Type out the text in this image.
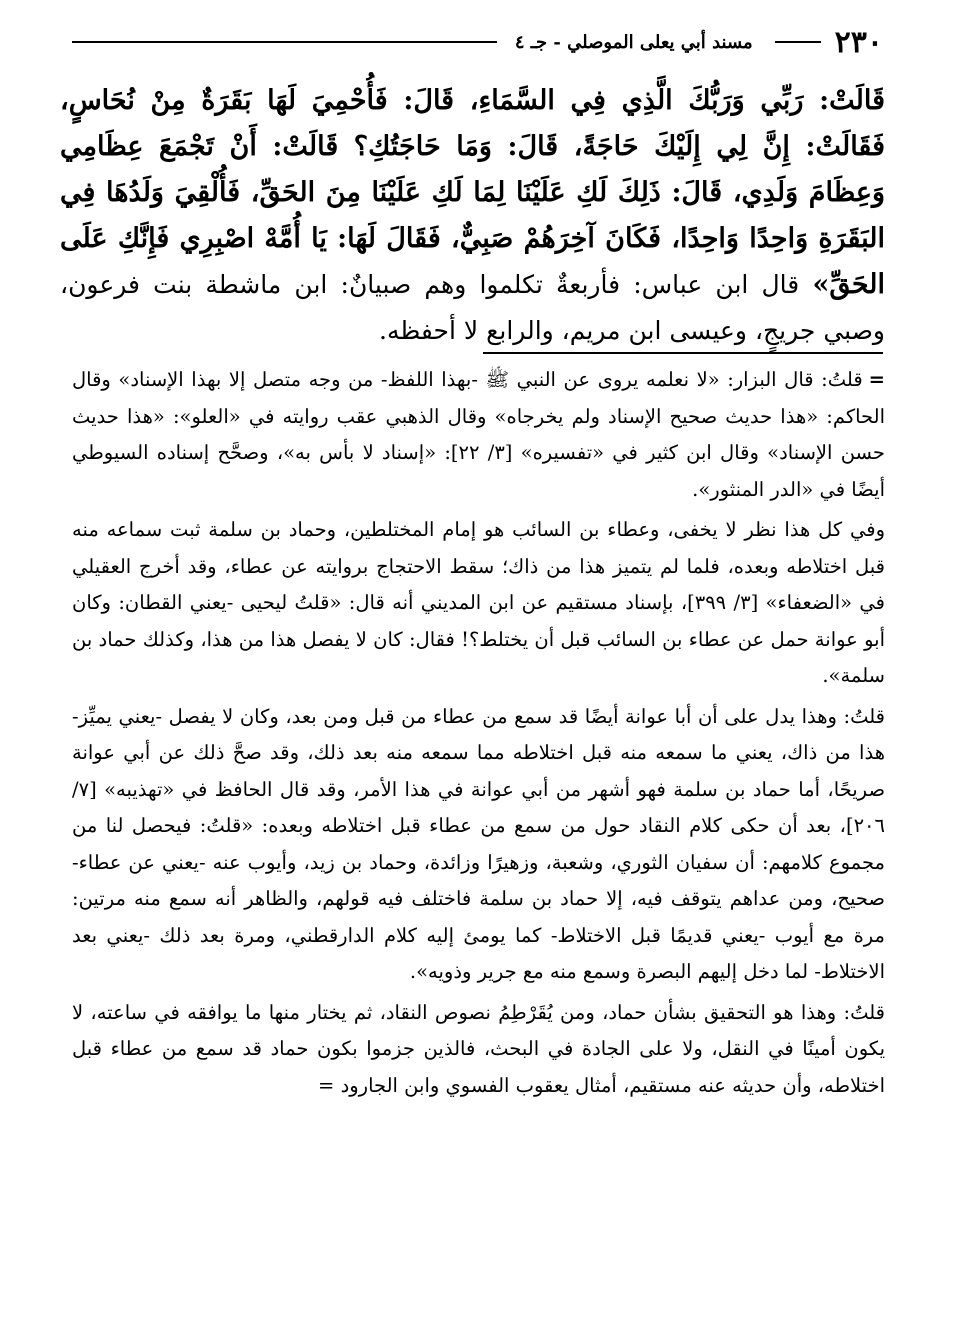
٢٣٠
مسند أبي يعلى الموصلي - جـ ٤

قَالَتْ: رَبِّي وَرَبُّكَ الَّذِي فِي السَّمَاءِ، قَالَ: فَأُحْمِيَ لَهَا بَقَرَةٌ مِنْ نُحَاسٍ، فَقَالَتْ: إِنَّ لِي إِلَيْكَ حَاجَةً، قَالَ: وَمَا حَاجَتُكِ؟ قَالَتْ: أَنْ تَجْمَعَ عِظَامِي وَعِظَامَ وَلَدِي، قَالَ: ذَلِكَ لَكِ عَلَيْنَا لِمَا لَكِ عَلَيْنَا مِنَ الحَقِّ، فَأُلْقِيَ وَلَدُهَا فِي البَقَرَةِ وَاحِدًا وَاحِدًا، فَكَانَ آخِرَهُمْ صَبِيٌّ، فَقَالَ لَهَا: يَا أُمَّهْ اصْبِرِي فَإِنَّكِ عَلَى الحَقِّ» قال ابن عباس: فأربعةٌ تكلموا وهم صبيانٌ: ابن ماشطة بنت فرعون، وصبي جريجٍ، وعيسى ابن مريم، والرابع لا أحفظه.

=قلتُ: قال البزار: «لا نعلمه يروى عن النبي ﷺ -بهذا اللفظ- من وجه متصل إلا بهذا الإسناد» وقال الحاكم: «هذا حديث صحيح الإسناد ولم يخرجاه» وقال الذهبي عقب روايته في «العلو»: «هذا حديث حسن الإسناد» وقال ابن كثير في «تفسيره» [٣/ ٢٢]: «إسناد لا بأس به»، وصحَّح إسناده السيوطي أيضًا في «الدر المنثور».

وفي كل هذا نظر لا يخفى، وعطاء بن السائب هو إمام المختلطين، وحماد بن سلمة ثبت سماعه منه قبل اختلاطه وبعده، فلما لم يتميز هذا من ذاك؛ سقط الاحتجاج بروايته عن عطاء، وقد أخرج العقيلي في «الضعفاء» [٣/ ٣٩٩]، بإسناد مستقيم عن ابن المديني أنه قال: «قلتُ ليحيى -يعني القطان: وكان أبو عوانة حمل عن عطاء بن السائب قبل أن يختلط؟! فقال: كان لا يفصل هذا من هذا، وكذلك حماد بن سلمة».

قلتُ: وهذا يدل على أن أبا عوانة أيضًا قد سمع من عطاء من قبل ومن بعد، وكان لا يفصل -يعني يميِّز- هذا من ذاك، يعني ما سمعه منه قبل اختلاطه مما سمعه منه بعد ذلك، وقد صحَّ ذلك عن أبي عوانة صريحًا، أما حماد بن سلمة فهو أشهر من أبي عوانة في هذا الأمر، وقد قال الحافظ في «تهذيبه» [٧/ ٢٠٦]، بعد أن حكى كلام النقاد حول من سمع من عطاء قبل اختلاطه وبعده: «قلتُ: فيحصل لنا من مجموع كلامهم: أن سفيان الثوري، وشعبة، وزهيرًا وزائدة، وحماد بن زيد، وأيوب عنه -يعني عن عطاء- صحيح، ومن عداهم يتوقف فيه، إلا حماد بن سلمة فاختلف فيه قولهم، والظاهر أنه سمع منه مرتين: مرة مع أيوب -يعني قديمًا قبل الاختلاط- كما يومئ إليه كلام الدارقطني، ومرة بعد ذلك -يعني بعد الاختلاط- لما دخل إليهم البصرة وسمع منه مع جرير وذويه».

قلتُ: وهذا هو التحقيق بشأن حماد، ومن يُقَرْطِمُ نصوص النقاد، ثم يختار منها ما يوافقه في ساعته، لا يكون أمينًا في النقل، ولا على الجادة في البحث، فالذين جزموا بكون حماد قد سمع من عطاء قبل اختلاطه، وأن حديثه عنه مستقيم، أمثال يعقوب الفسوي وابن الجارود =
